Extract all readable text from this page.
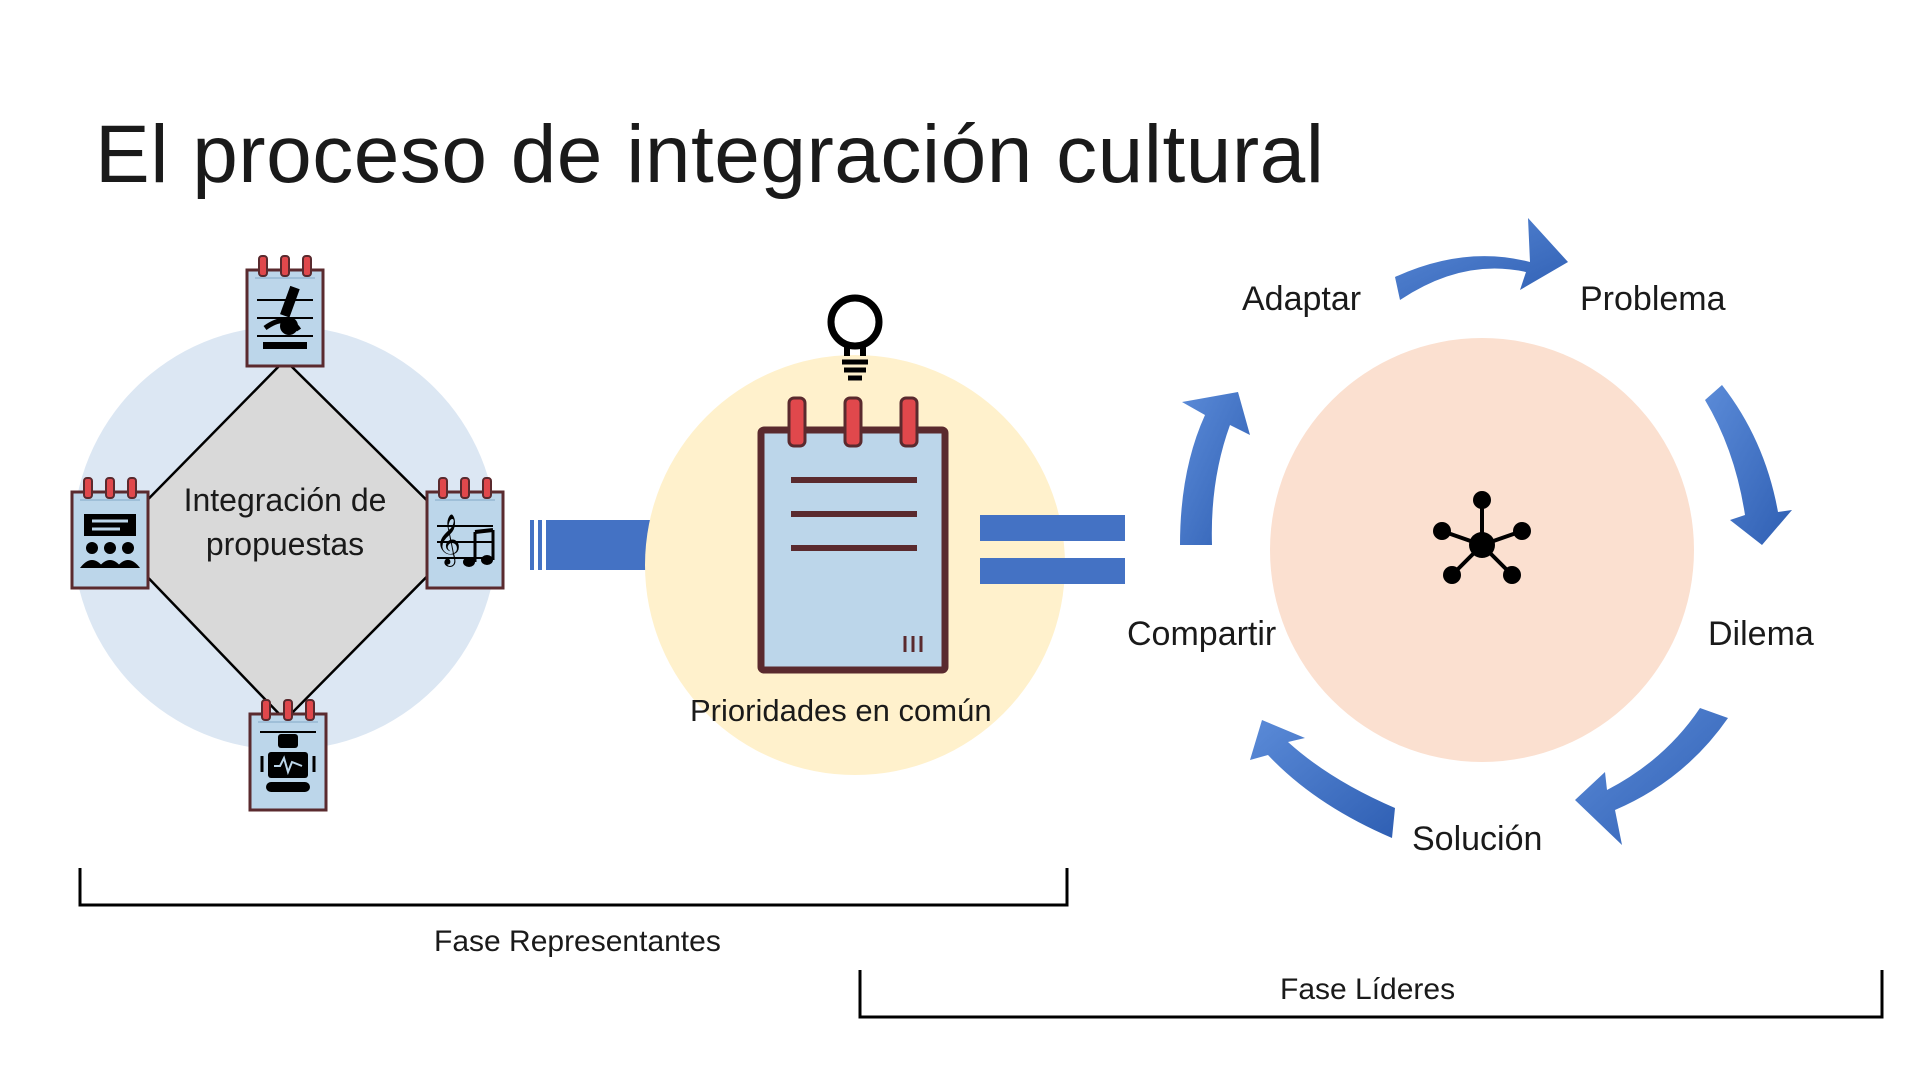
El proceso de integración cultural
𝄞
Integración de
propuestas
Prioridades en común
Problema
Dilema
Solución
Compartir
Adaptar
Fase Representantes
Fase Líderes
